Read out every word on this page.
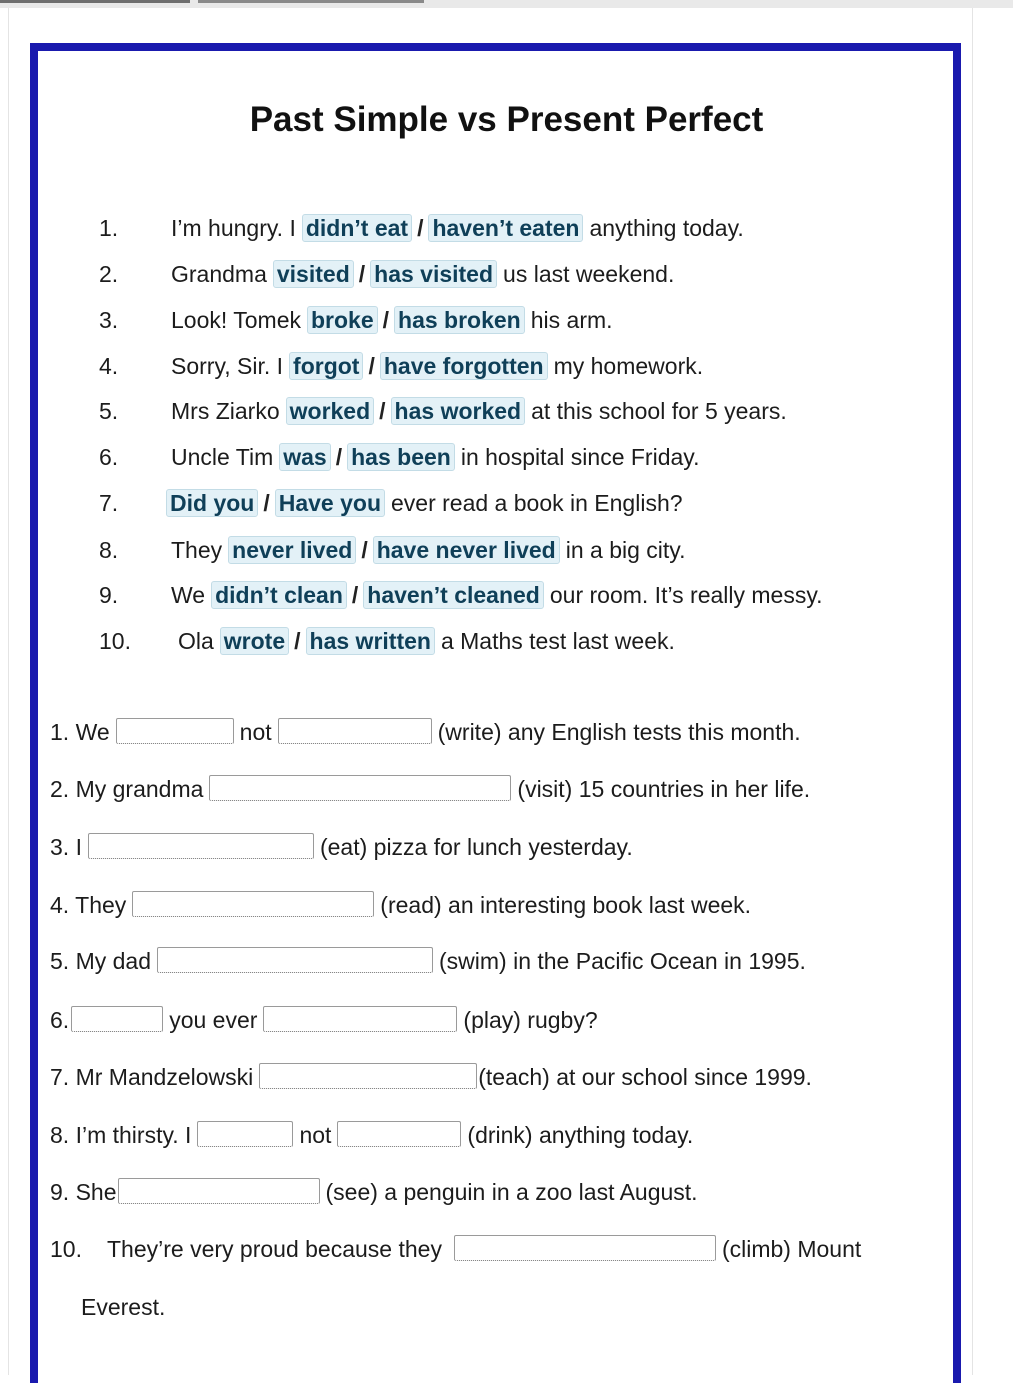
Past Simple vs Present Perfect
1. I’m hungry. I didn’t eat / haven’t eaten anything today.
2. Grandma visited / has visited us last weekend.
3. Look! Tomek broke / has broken his arm.
4. Sorry, Sir. I forgot / have forgotten my homework.
5. Mrs Ziarko worked / has worked at this school for 5 years.
6. Uncle Tim was / has been in hospital since Friday.
7. Did you / Have you ever read a book in English?
8. They never lived / have never lived in a big city.
9. We didn’t clean / haven’t cleaned our room. It’s really messy.
10. Ola wrote / has written a Maths test last week.
1. We	not	(write) any English tests this month.
2. My grandma	(visit) 15 countries in her life.
3. I	(eat) pizza for lunch yesterday.
4. They	(read) an interesting book last week.
5. My dad	(swim) in the Pacific Ocean in 1995.
6.	you ever	(play) rugby?
7. Mr Mandzelowski	(teach) at our school since 1999.
8. I’m thirsty. I	not	(drink) anything today.
9. She	(see) a penguin in a zoo last August.
10. They’re very proud because they	(climb) Mount
Everest.
